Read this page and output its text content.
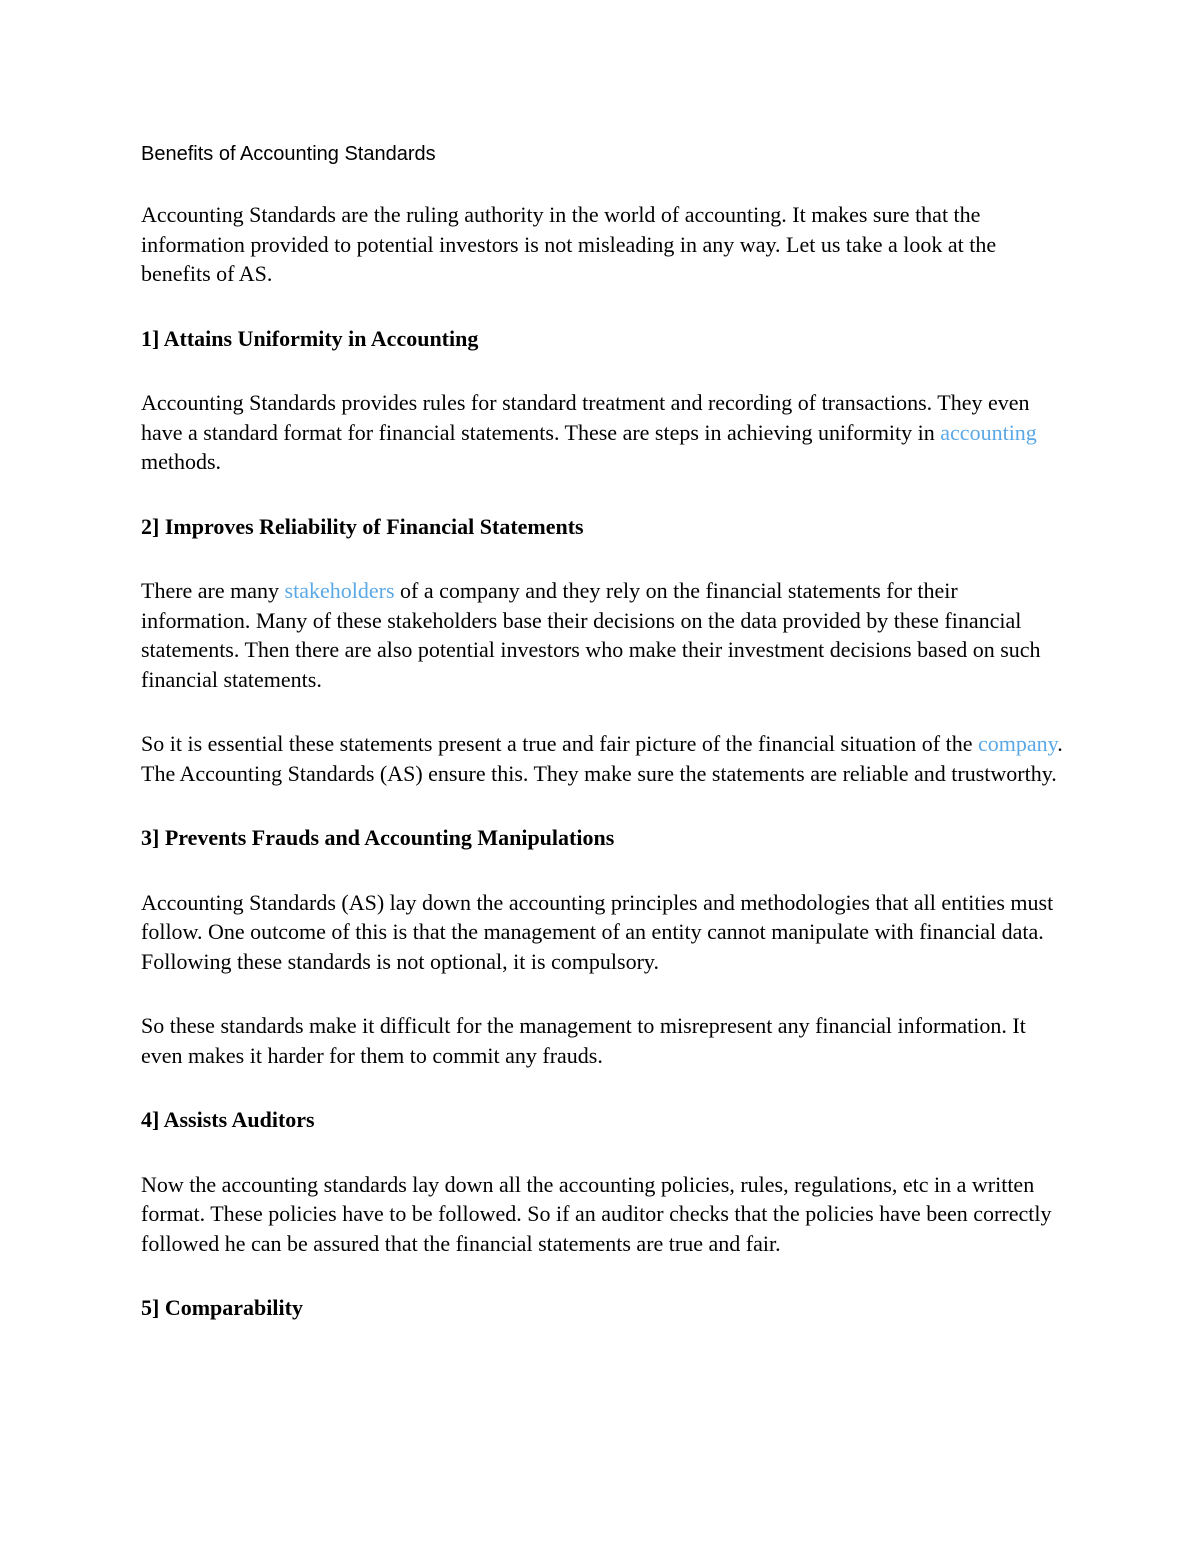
Benefits of Accounting Standards

Accounting Standards are the ruling authority in the world of accounting. It makes sure that the information provided to potential investors is not misleading in any way. Let us take a look at the benefits of AS.

1] Attains Uniformity in Accounting

Accounting Standards provides rules for standard treatment and recording of transactions. They even have a standard format for financial statements. These are steps in achieving uniformity in accounting methods.

2] Improves Reliability of Financial Statements

There are many stakeholders of a company and they rely on the financial statements for their information. Many of these stakeholders base their decisions on the data provided by these financial statements. Then there are also potential investors who make their investment decisions based on such financial statements.

So it is essential these statements present a true and fair picture of the financial situation of the company. The Accounting Standards (AS) ensure this. They make sure the statements are reliable and trustworthy.

3] Prevents Frauds and Accounting Manipulations

Accounting Standards (AS) lay down the accounting principles and methodologies that all entities must follow. One outcome of this is that the management of an entity cannot manipulate with financial data. Following these standards is not optional, it is compulsory.

So these standards make it difficult for the management to misrepresent any financial information. It even makes it harder for them to commit any frauds.

4] Assists Auditors

Now the accounting standards lay down all the accounting policies, rules, regulations, etc in a written format. These policies have to be followed. So if an auditor checks that the policies have been correctly followed he can be assured that the financial statements are true and fair.

5] Comparability
